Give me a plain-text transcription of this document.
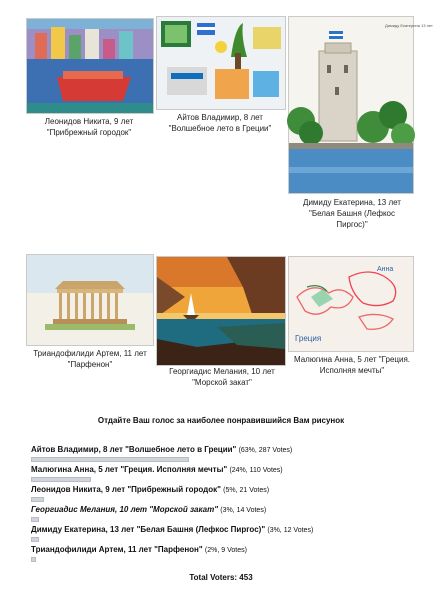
Леонидов Никита, 9 лет "Прибрежный городок"
Айтов Владимир, 8 лет "Волшебное лето в Греции"
Димиду Екатерина 13 лет
Димиду Екатерина, 13 лет "Белая Башня (Лефкос Пиргос)"
Триандофилиди Артем, 11 лет "Парфенон"
Георгиадис Мелания, 10 лет "Морской закат"
Греция
Анна
Малюгина Анна, 5 лет "Греция. Исполняя мечты"
Отдайте Ваш голос за наиболее понравившийся Вам рисунок
Айтов Владимир, 8 лет "Волшебное лето в Греции" (63%, 287 Votes)
Малюгина Анна, 5 лет "Греция. Исполняя мечты" (24%, 110 Votes)
Леонидов Никита, 9 лет "Прибрежный городок" (5%, 21 Votes)
Георгиадис Мелания, 10 лет "Морской закат" (3%, 14 Votes)
Димиду Екатерина, 13 лет "Белая Башня (Лефкос Пиргос)" (3%, 12 Votes)
Триандофилиди Артем, 11 лет "Парфенон" (2%, 9 Votes)
Total Voters: 453
